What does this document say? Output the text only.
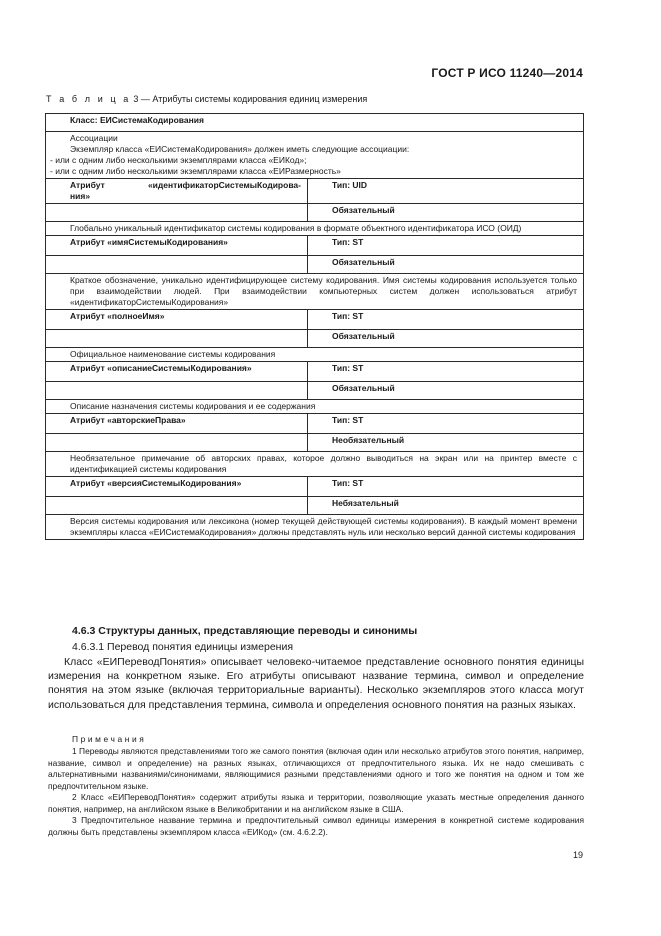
ГОСТ Р ИСО 11240—2014
Т а б л и ц а 3 — Атрибуты системы кодирования единиц измерения
Класс: ЕИСистемаКодирования	

Ассоциации
Экземпляр класса «ЕИСистемаКодирования» должен иметь следующие ассоциации:
- или с одним либо несколькими экземплярами класса «ЕИКод»;
- или с одним либо несколькими экземплярами класса «ЕИРазмерность»	

Атрибут «идентификаторСистемыКодирова-
ния»	Тип: UID
	Обязательный
Глобально уникальный идентификатор системы кодирования в формате объектного идентификатора ИСО (ОИД)	
Атрибут «имяСистемыКодирования»	Тип: ST
	Обязательный
Краткое обозначение, уникально идентифицирующее систему кодирования. Имя системы кодирования используется только при взаимодействии людей. При взаимодействии компьютерных систем должен использоваться атрибут «идентификаторСистемыКодирования»	
Атрибут «полноеИмя»	Тип: ST
	Обязательный
Официальное наименование системы кодирования	
Атрибут «описаниеСистемыКодирования»	Тип: ST
	Обязательный
Описание назначения системы кодирования и ее содержания	
Атрибут «авторскиеПрава»	Тип: ST
	Необязательный
Необязательное примечание об авторских правах, которое должно выводиться на экран или на принтер вместе с идентификацией системы кодирования	
Атрибут «версияСистемыКодирования»	Тип: ST
	Небязательный
Версия системы кодирования или лексикона (номер текущей действующей системы кодирования). В каждый момент времени экземпляры класса «ЕИСистемаКодирования» должны представлять нуль или несколько версий данной системы кодирования	
4.6.3 Структуры данных, представляющие переводы и синонимы
4.6.3.1 Перевод понятия единицы измерения
Класс «ЕИПереводПонятия» описывает человеко-читаемое представление основного понятия единицы измерения на конкретном языке. Его атрибуты описывают название термина, символ и определение понятия на этом языке (включая территориальные варианты). Несколько экземпляров этого класса могут использоваться для представления термина, символа и определения основного понятия на разных языках.
Примечания
1 Переводы являются представлениями того же самого понятия (включая один или несколько атрибутов этого понятия, например, название, символ и определение) на разных языках, отличающихся от предпочтительного языка. Их не надо смешивать с альтернативными названиями/синонимами, являющимися разными представлениями одного и того же понятия на одном и том же предпочтительном языке.
2 Класс «ЕИПереводПонятия» содержит атрибуты языка и территории, позволяющие указать местные определения данного понятия, например, на английском языке в Великобритании и на английском языке в США.
3 Предпочтительное название термина и предпочтительный символ единицы измерения в конкретной системе кодирования должны быть представлены экземпляром класса «ЕИКод» (см. 4.6.2.2).
19
